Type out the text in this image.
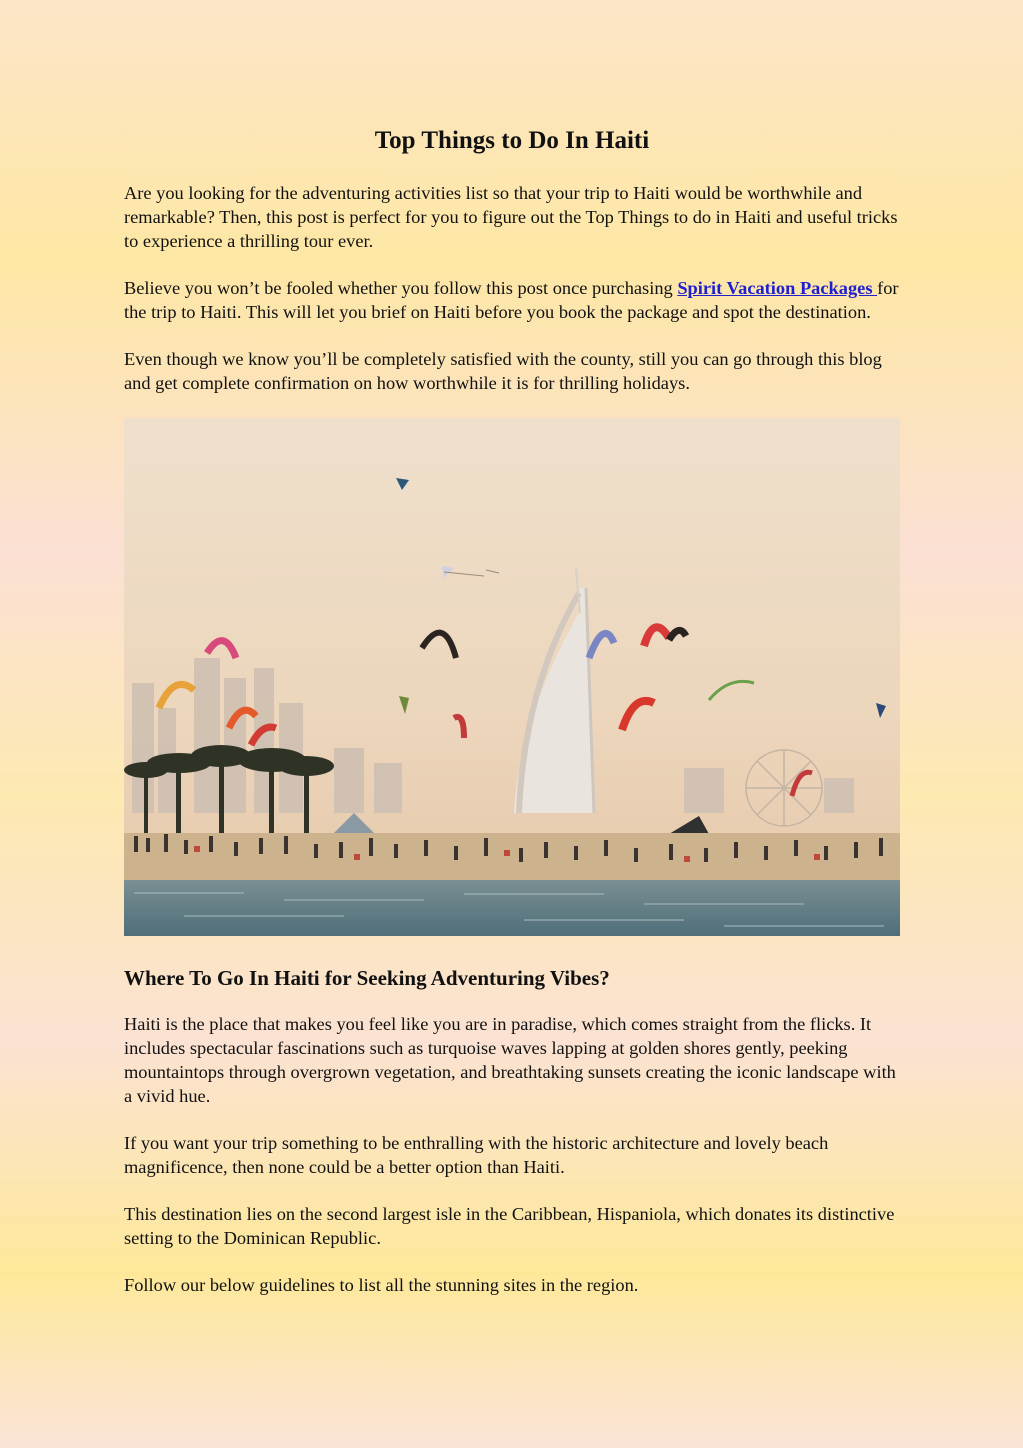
Top Things to Do In Haiti

Are you looking for the adventuring activities list so that your trip to Haiti would be worthwhile and remarkable? Then, this post is perfect for you to figure out the Top Things to do in Haiti and useful tricks to experience a thrilling tour ever.

Believe you won’t be fooled whether you follow this post once purchasing Spirit Vacation Packages for the trip to Haiti. This will let you brief on Haiti before you book the package and spot the destination.

Even though we know you’ll be completely satisfied with the county, still you can go through this blog and get complete confirmation on how worthwhile it is for thrilling holidays.

Where To Go In Haiti for Seeking Adventuring Vibes?

Haiti is the place that makes you feel like you are in paradise, which comes straight from the flicks. It includes spectacular fascinations such as turquoise waves lapping at golden shores gently, peeking mountaintops through overgrown vegetation, and breathtaking sunsets creating the iconic landscape with a vivid hue.

If you want your trip something to be enthralling with the historic architecture and lovely beach magnificence, then none could be a better option than Haiti.

This destination lies on the second largest isle in the Caribbean, Hispaniola, which donates its distinctive setting to the Dominican Republic.

Follow our below guidelines to list all the stunning sites in the region.
